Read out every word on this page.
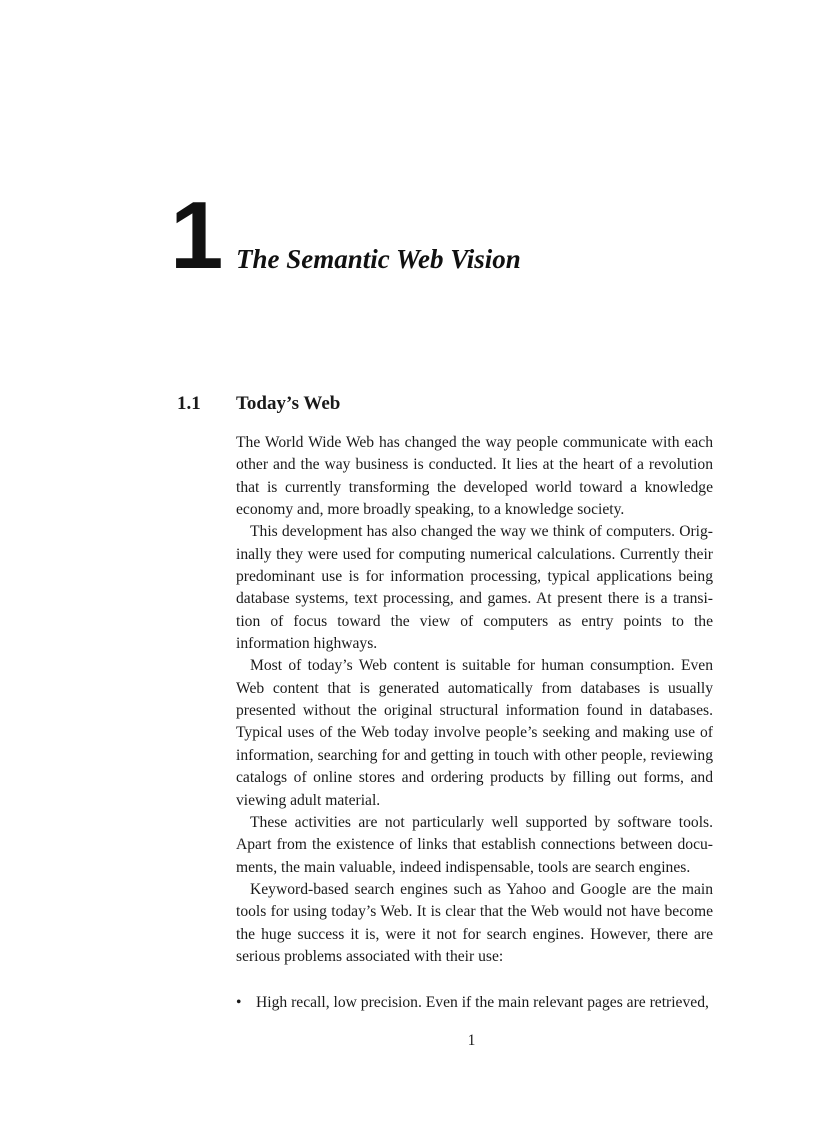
1 The Semantic Web Vision
1.1 Today’s Web

The World Wide Web has changed the way people communicate with each other and the way business is conducted. It lies at the heart of a revolution that is currently transforming the developed world toward a knowledge economy and, more broadly speaking, to a knowledge society.

This development has also changed the way we think of computers. Originally they were used for computing numerical calculations. Currently their predominant use is for information processing, typical applications being database systems, text processing, and games. At present there is a transition of focus toward the view of computers as entry points to the information highways.

Most of today’s Web content is suitable for human consumption. Even Web content that is generated automatically from databases is usually presented without the original structural information found in databases. Typical uses of the Web today involve people’s seeking and making use of information, searching for and getting in touch with other people, reviewing catalogs of online stores and ordering products by filling out forms, and viewing adult material.

These activities are not particularly well supported by software tools. Apart from the existence of links that establish connections between documents, the main valuable, indeed indispensable, tools are search engines.

Keyword-based search engines such as Yahoo and Google are the main tools for using today’s Web. It is clear that the Web would not have become the huge success it is, were it not for search engines. However, there are serious problems associated with their use:

• High recall, low precision. Even if the main relevant pages are retrieved,
1
